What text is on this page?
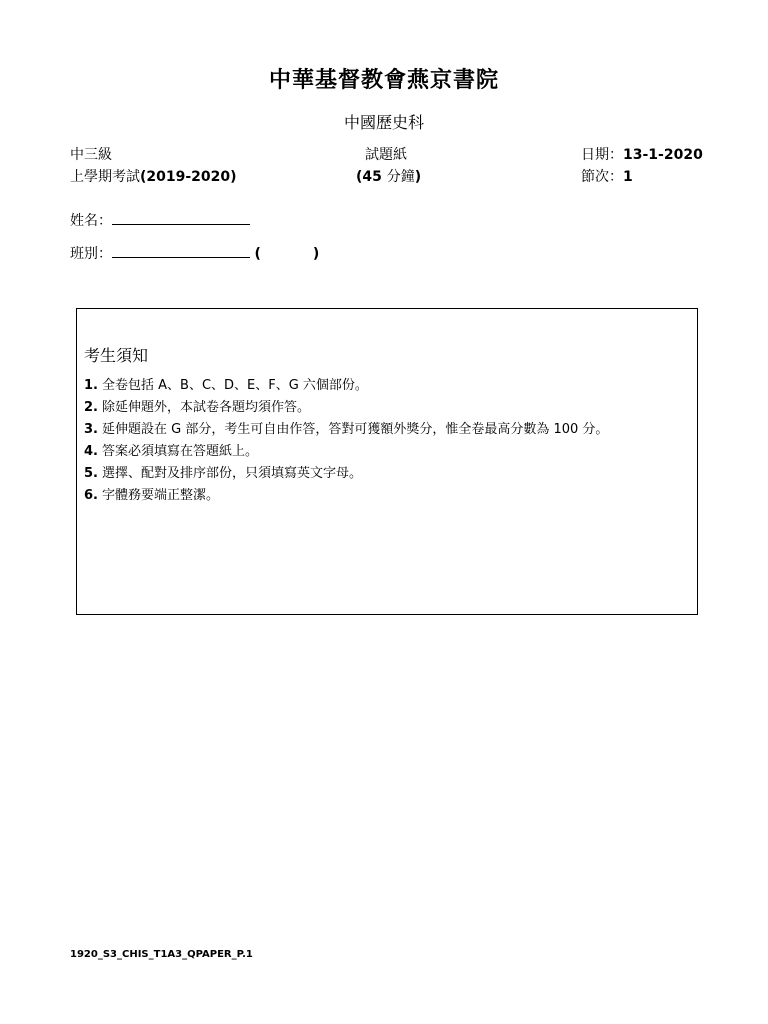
中華基督教會燕京書院
中國歷史科
中三級	試題紙	日期：13-1-2020
上學期考試(2019-2020)	(45 分鐘)	節次：1
姓名：
班別：	(	)
考生須知
1. 全卷包括 A、B、C、D、E、F、G 六個部份。
2. 除延伸題外，本試卷各題均須作答。
3. 延伸題設在 G 部分，考生可自由作答，答對可獲額外獎分，惟全卷最高分數為 100 分。
4. 答案必須填寫在答題紙上。
5. 選擇、配對及排序部份，只須填寫英文字母。
6. 字體務要端正整潔。
1920_S3_CHIS_T1A3_QPAPER_P.1
